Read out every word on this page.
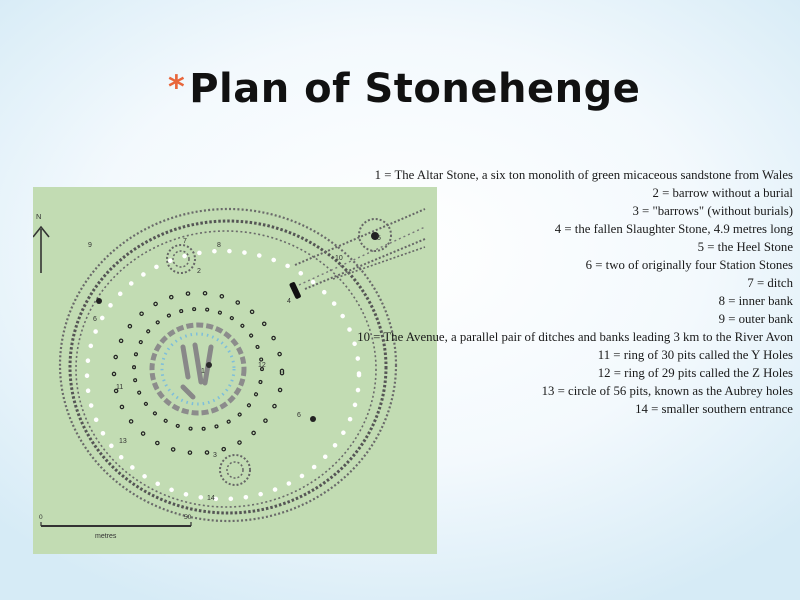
* Plan of Stonehenge
N
0	50
metres
1
2
3
4
5
6
6
7
8
9
10
11
12
13
14
1 = The Altar Stone, a six ton monolith of green micaceous sandstone from Wales
2 = barrow without a burial
3 = "barrows" (without burials)
4 = the fallen Slaughter Stone, 4.9 metres long
5 = the Heel Stone
6 = two of originally four Station Stones
7 = ditch
8 = inner bank
9 = outer bank
10 = The Avenue, a parallel pair of ditches and banks leading 3 km to the River Avon
11 = ring of 30 pits called the Y Holes
12 = ring of 29 pits called the Z Holes
13 = circle of 56 pits, known as the Aubrey holes
14 = smaller southern entrance
